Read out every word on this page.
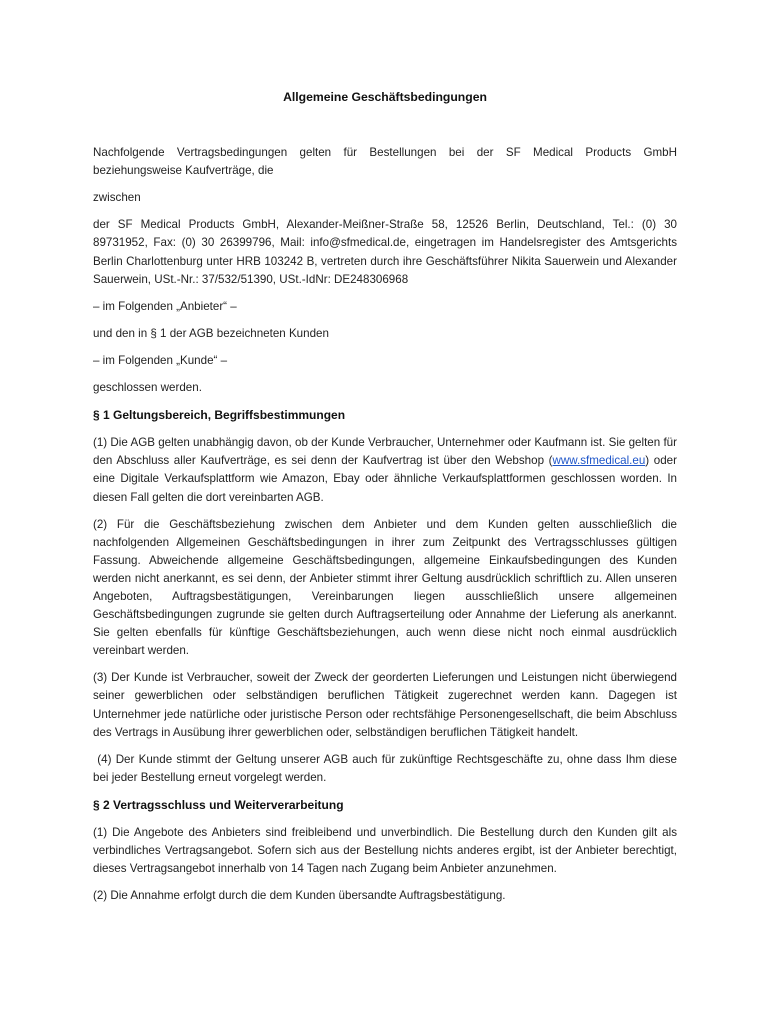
Allgemeine Geschäftsbedingungen

Nachfolgende Vertragsbedingungen gelten für Bestellungen bei der SF Medical Products GmbH beziehungsweise Kaufverträge, die

zwischen

der SF Medical Products GmbH, Alexander-Meißner-Straße 58, 12526 Berlin, Deutschland, Tel.: (0) 30 89731952, Fax: (0) 30 26399796, Mail: info@sfmedical.de, eingetragen im Handelsregister des Amtsgerichts Berlin Charlottenburg unter HRB 103242 B, vertreten durch ihre Geschäftsführer Nikita Sauerwein und Alexander Sauerwein, USt.-Nr.: 37/532/51390, USt.-IdNr: DE248306968

– im Folgenden „Anbieter“ –

und den in § 1 der AGB bezeichneten Kunden

– im Folgenden „Kunde“ –

geschlossen werden.

§ 1 Geltungsbereich, Begriffsbestimmungen

(1) Die AGB gelten unabhängig davon, ob der Kunde Verbraucher, Unternehmer oder Kaufmann ist. Sie gelten für den Abschluss aller Kaufverträge, es sei denn der Kaufvertrag ist über den Webshop (www.sfmedical.eu) oder eine Digitale Verkaufsplattform wie Amazon, Ebay oder ähnliche Verkaufsplattformen geschlossen worden. In diesen Fall gelten die dort vereinbarten AGB.

(2) Für die Geschäftsbeziehung zwischen dem Anbieter und dem Kunden gelten ausschließlich die nachfolgenden Allgemeinen Geschäftsbedingungen in ihrer zum Zeitpunkt des Vertragsschlusses gültigen Fassung. Abweichende allgemeine Geschäftsbedingungen, allgemeine Einkaufsbedingungen des Kunden werden nicht anerkannt, es sei denn, der Anbieter stimmt ihrer Geltung ausdrücklich schriftlich zu. Allen unseren Angeboten, Auftragsbestätigungen, Vereinbarungen liegen ausschließlich unsere allgemeinen Geschäftsbedingungen zugrunde sie gelten durch Auftragserteilung oder Annahme der Lieferung als anerkannt. Sie gelten ebenfalls für künftige Geschäftsbeziehungen, auch wenn diese nicht noch einmal ausdrücklich vereinbart werden.

(3) Der Kunde ist Verbraucher, soweit der Zweck der georderten Lieferungen und Leistungen nicht überwiegend seiner gewerblichen oder selbständigen beruflichen Tätigkeit zugerechnet werden kann. Dagegen ist Unternehmer jede natürliche oder juristische Person oder rechtsfähige Personengesellschaft, die beim Abschluss des Vertrags in Ausübung ihrer gewerblichen oder, selbständigen beruflichen Tätigkeit handelt.

(4) Der Kunde stimmt der Geltung unserer AGB auch für zukünftige Rechtsgeschäfte zu, ohne dass Ihm diese bei jeder Bestellung erneut vorgelegt werden.

§ 2 Vertragsschluss und Weiterverarbeitung

(1) Die Angebote des Anbieters sind freibleibend und unverbindlich. Die Bestellung durch den Kunden gilt als verbindliches Vertragsangebot. Sofern sich aus der Bestellung nichts anderes ergibt, ist der Anbieter berechtigt, dieses Vertragsangebot innerhalb von 14 Tagen nach Zugang beim Anbieter anzunehmen.

(2) Die Annahme erfolgt durch die dem Kunden übersandte Auftragsbestätigung.
